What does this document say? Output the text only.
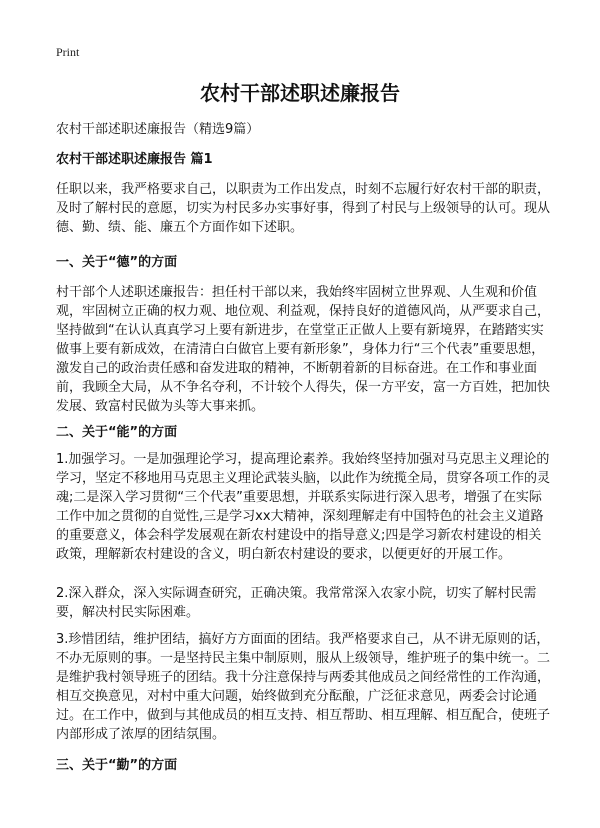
Print
农村干部述职述廉报告

农村干部述职述廉报告（精选9篇）

农村干部述职述廉报告 篇1

任职以来，我严格要求自己，以职责为工作出发点，时刻不忘履行好农村干部的职责，及时了解村民的意愿，切实为村民多办实事好事，得到了村民与上级领导的认可。现从德、勤、绩、能、廉五个方面作如下述职。

一、关于“德”的方面

村干部个人述职述廉报告：担任村干部以来，我始终牢固树立世界观、人生观和价值观，牢固树立正确的权力观、地位观、利益观，保持良好的道德风尚，从严要求自己，坚持做到“在认认真真学习上要有新进步，在堂堂正正做人上要有新境界，在踏踏实实做事上要有新成效，在清清白白做官上要有新形象”，身体力行“三个代表”重要思想，激发自己的政治责任感和奋发进取的精神，不断朝着新的目标奋进。在工作和事业面前，我顾全大局，从不争名夺利，不计较个人得失，保一方平安，富一方百姓，把加快发展、致富村民做为头等大事来抓。

二、关于“能”的方面

1.加强学习。一是加强理论学习，提高理论素养。我始终坚持加强对马克思主义理论的学习，坚定不移地用马克思主义理论武装头脑，以此作为统揽全局，贯穿各项工作的灵魂;二是深入学习贯彻“三个代表”重要思想，并联系实际进行深入思考，增强了在实际工作中加之贯彻的自觉性,三是学习xx大精神，深刻理解走有中国特色的社会主义道路的重要意义，体会科学发展观在新农村建设中的指导意义;四是学习新农村建设的相关政策，理解新农村建设的含义，明白新农村建设的要求，以便更好的开展工作。

2.深入群众，深入实际调查研究，正确决策。我常常深入农家小院，切实了解村民需要，解决村民实际困难。

3.珍惜团结，维护团结，搞好方方面面的团结。我严格要求自己，从不讲无原则的话，不办无原则的事。一是坚持民主集中制原则，服从上级领导，维护班子的集中统一。二是维护我村领导班子的团结。我十分注意保持与两委其他成员之间经常性的工作沟通，相互交换意见，对村中重大问题，始终做到充分酝酿，广泛征求意见，两委会讨论通过。在工作中，做到与其他成员的相互支持、相互帮助、相互理解、相互配合，使班子内部形成了浓厚的团结氛围。

三、关于“勤”的方面
